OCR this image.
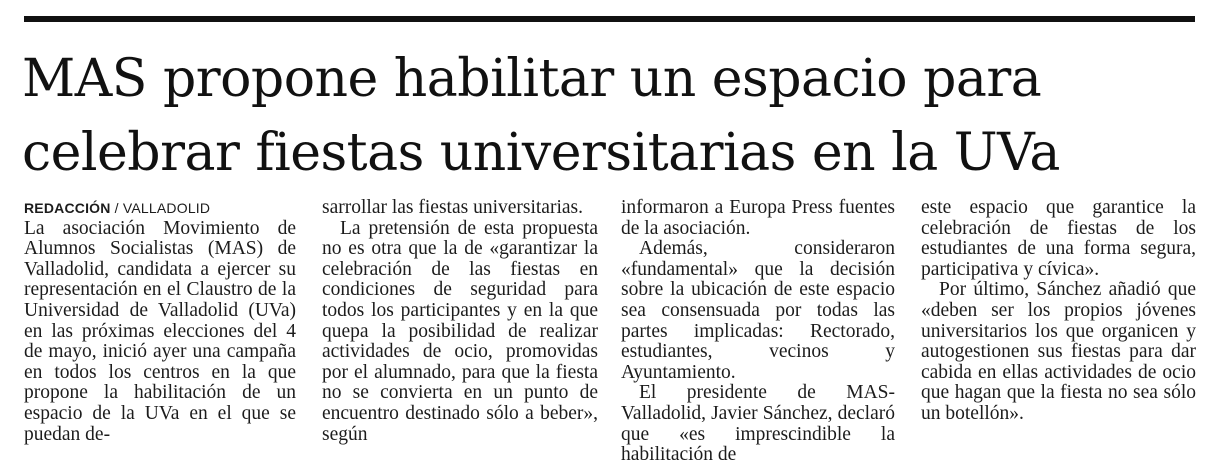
MAS propone habilitar un espacio para
celebrar fiestas universitarias en la UVa

REDACCIÓN / VALLADOLID

La asociación Movimiento de Alumnos Socialistas (MAS) de Valladolid, candidata a ejercer su representación en el Claustro de la Universidad de Valladolid (UVa) en las próximas elecciones del 4 de mayo, inició ayer una campaña en todos los centros en la que propone la habilitación de un espacio de la UVa en el que se puedan de-

sarrollar las fiestas universitarias.

La pretensión de esta propuesta no es otra que la de «garantizar la celebración de las fiestas en condiciones de seguridad para todos los participantes y en la que quepa la posibilidad de realizar actividades de ocio, promovidas por el alumnado, para que la fiesta no se convierta en un punto de encuentro destinado sólo a beber», según

informaron a Europa Press fuentes de la asociación.

Además, consideraron «fundamental» que la decisión sobre la ubicación de este espacio sea consensuada por todas las partes implicadas: Rectorado, estudiantes, vecinos y Ayuntamiento.

El presidente de MAS-Valladolid, Javier Sánchez, declaró que «es imprescindible la habilitación de

este espacio que garantice la celebración de fiestas de los estudiantes de una forma segura, participativa y cívica».

Por último, Sánchez añadió que «deben ser los propios jóvenes universitarios los que organicen y autogestionen sus fiestas para dar cabida en ellas actividades de ocio que hagan que la fiesta no sea sólo un botellón».
